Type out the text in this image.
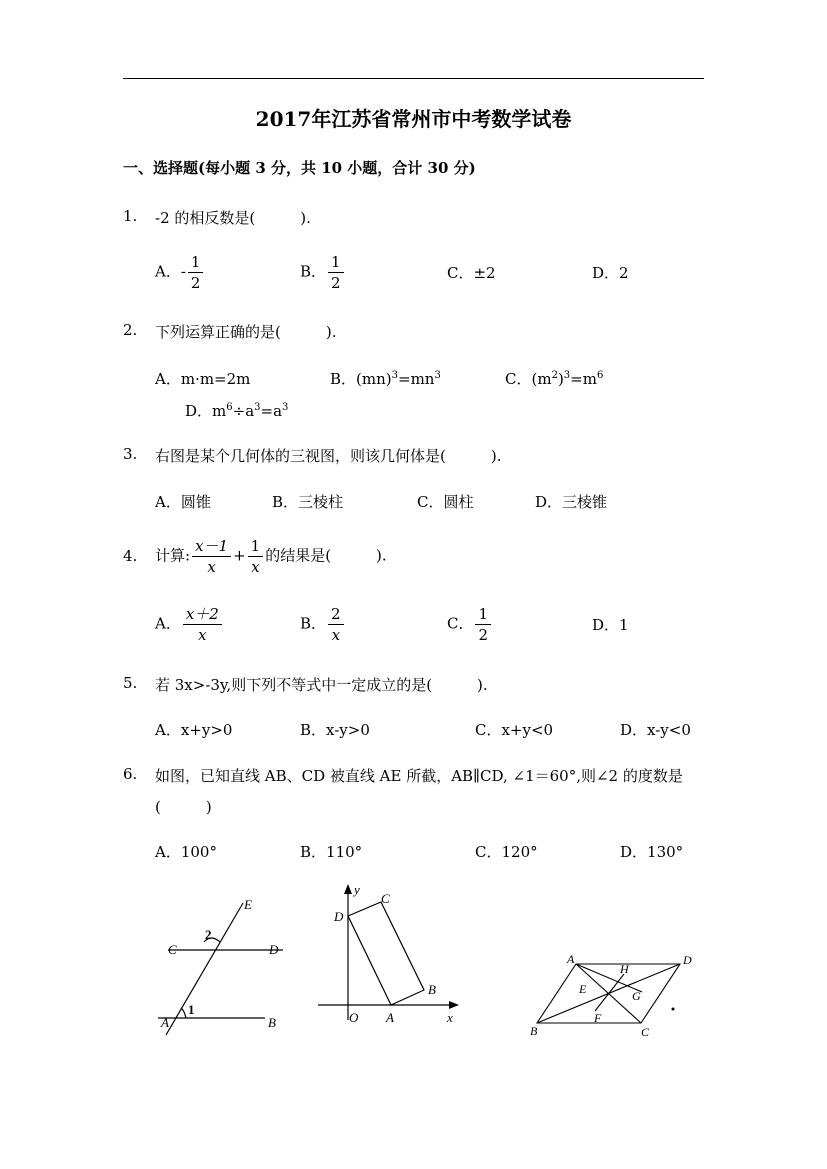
2017年江苏省常州市中考数学试卷
一、选择题(每小题 3 分，共 10 小题，合计 30 分)
1.	-2 的相反数是(　　　).
A．- $\frac{1}{2}$	B． $\frac{1}{2}$	C．±2	D．2
2.	下列运算正确的是(　　　).
A．m·m=2m	B．$(mn)^3=mn^3$	C．$(m^2)^3=m^6$
D．$m^6\div a^3=a^3$
3.	右图是某个几何体的三视图，则该几何体是(　　　).
A．圆锥	B．三棱柱	C．圆柱	D．三棱锥
4.	计算: $\frac{x-1}{x} + \frac{1}{x}$ 的结果是(　　　).
A． $\frac{x+2}{x}$	B． $\frac{2}{x}$	C． $\frac{1}{2}$	D．1
5.	若 3x>-3y,则下列不等式中一定成立的是(　　　).
A．x+y>0	B．x-y>0	C．x+y<0	D．x-y<0
6.	如图，已知直线 AB、CD 被直线 AE 所截，AB∥CD, ∠1＝60°,则∠2 的度数是
(　　　)
A．100°	B．110°	C．120°	D．130°
E
C	D
A	B
2
1
y
x
C
D
B
O A
A	D
H
E	G
F
B	C
